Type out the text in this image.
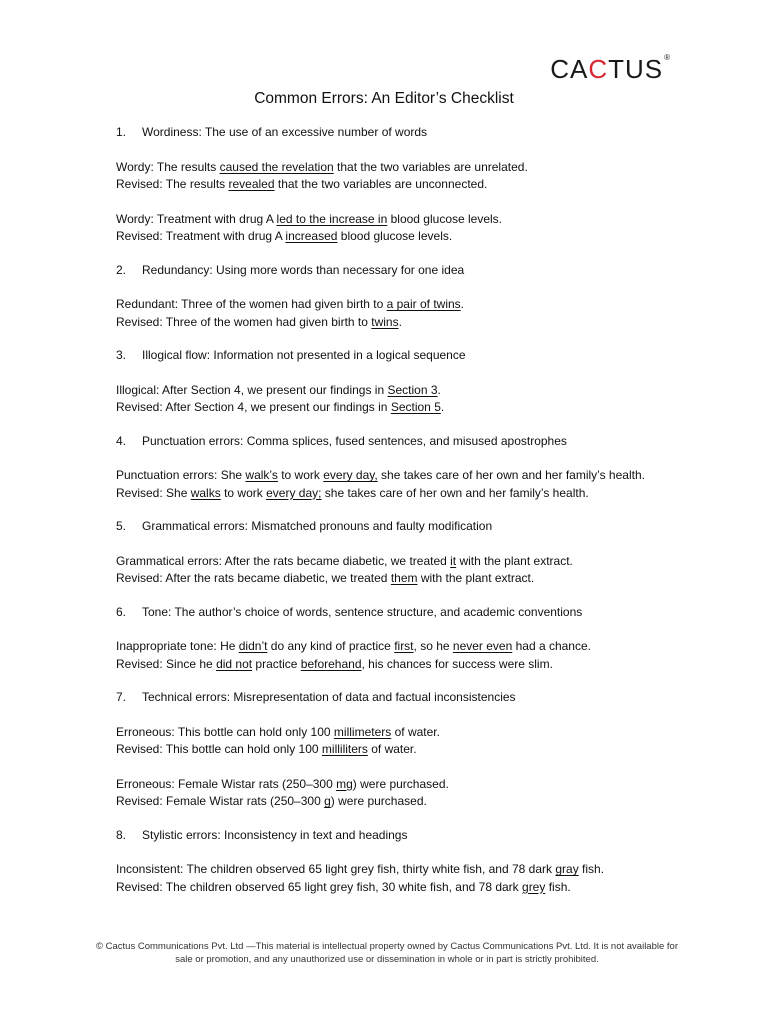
CACTUS®
Common Errors: An Editor’s Checklist
1. Wordiness: The use of an excessive number of words
Wordy: The results caused the revelation that the two variables are unrelated.
Revised: The results revealed that the two variables are unconnected.
Wordy: Treatment with drug A led to the increase in blood glucose levels.
Revised: Treatment with drug A increased blood glucose levels.
2. Redundancy: Using more words than necessary for one idea
Redundant: Three of the women had given birth to a pair of twins.
Revised: Three of the women had given birth to twins.
3. Illogical flow: Information not presented in a logical sequence
Illogical: After Section 4, we present our findings in Section 3.
Revised: After Section 4, we present our findings in Section 5.
4. Punctuation errors: Comma splices, fused sentences, and misused apostrophes
Punctuation errors: She walk’s to work every day, she takes care of her own and her family’s health.
Revised: She walks to work every day; she takes care of her own and her family’s health.
5. Grammatical errors: Mismatched pronouns and faulty modification
Grammatical errors: After the rats became diabetic, we treated it with the plant extract.
Revised: After the rats became diabetic, we treated them with the plant extract.
6. Tone: The author’s choice of words, sentence structure, and academic conventions
Inappropriate tone: He didn’t do any kind of practice first, so he never even had a chance.
Revised: Since he did not practice beforehand, his chances for success were slim.
7. Technical errors: Misrepresentation of data and factual inconsistencies
Erroneous: This bottle can hold only 100 millimeters of water.
Revised: This bottle can hold only 100 milliliters of water.
Erroneous: Female Wistar rats (250–300 mg) were purchased.
Revised: Female Wistar rats (250–300 g) were purchased.
8. Stylistic errors: Inconsistency in text and headings
Inconsistent: The children observed 65 light grey fish, thirty white fish, and 78 dark gray fish.
Revised: The children observed 65 light grey fish, 30 white fish, and 78 dark grey fish.
© Cactus Communications Pvt. Ltd —This material is intellectual property owned by Cactus Communications Pvt. Ltd. It is not available for sale or promotion, and any unauthorized use or dissemination in whole or in part is strictly prohibited.
